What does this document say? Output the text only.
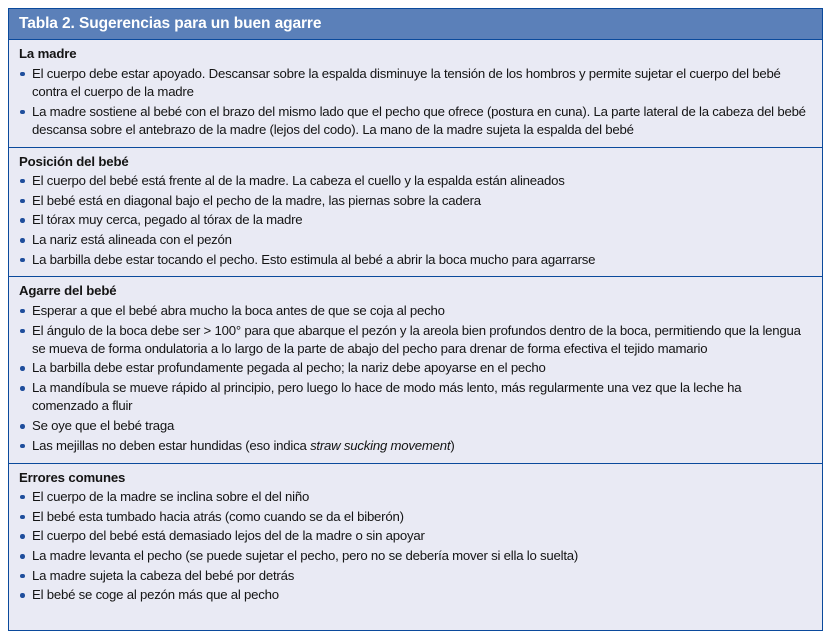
Tabla 2. Sugerencias para un buen agarre
La madre
El cuerpo debe estar apoyado. Descansar sobre la espalda disminuye la tensión de los hombros y permite sujetar el cuerpo del bebé contra el cuerpo de la madre
La madre sostiene al bebé con el brazo del mismo lado que el pecho que ofrece (postura en cuna). La parte lateral de la cabeza del bebé descansa sobre el antebrazo de la madre (lejos del codo). La mano de la madre sujeta la espalda del bebé
Posición del bebé
El cuerpo del bebé está frente al de la madre. La cabeza el cuello y la espalda están alineados
El bebé está en diagonal bajo el pecho de la madre, las piernas sobre la cadera
El tórax muy cerca, pegado al tórax de la madre
La nariz está alineada con el pezón
La barbilla debe estar tocando el pecho. Esto estimula al bebé a abrir la boca mucho para agarrarse
Agarre del bebé
Esperar a que el bebé abra mucho la boca antes de que se coja al pecho
El ángulo de la boca debe ser > 100° para que abarque el pezón y la areola bien profundos dentro de la boca, permitiendo que la lengua se mueva de forma ondulatoria a lo largo de la parte de abajo del pecho para drenar de forma efectiva el tejido mamario
La barbilla debe estar profundamente pegada al pecho; la nariz debe apoyarse en el pecho
La mandíbula se mueve rápido al principio, pero luego lo hace de modo más lento, más regularmente una vez que la leche ha comenzado a fluir
Se oye que el bebé traga
Las mejillas no deben estar hundidas (eso indica straw sucking movement)
Errores comunes
El cuerpo de la madre se inclina sobre el del niño
El bebé esta tumbado hacia atrás (como cuando se da el biberón)
El cuerpo del bebé está demasiado lejos del de la madre o sin apoyar
La madre levanta el pecho (se puede sujetar el pecho, pero no se debería mover si ella lo suelta)
La madre sujeta la cabeza del bebé por detrás
El bebé se coge al pezón más que al pecho
